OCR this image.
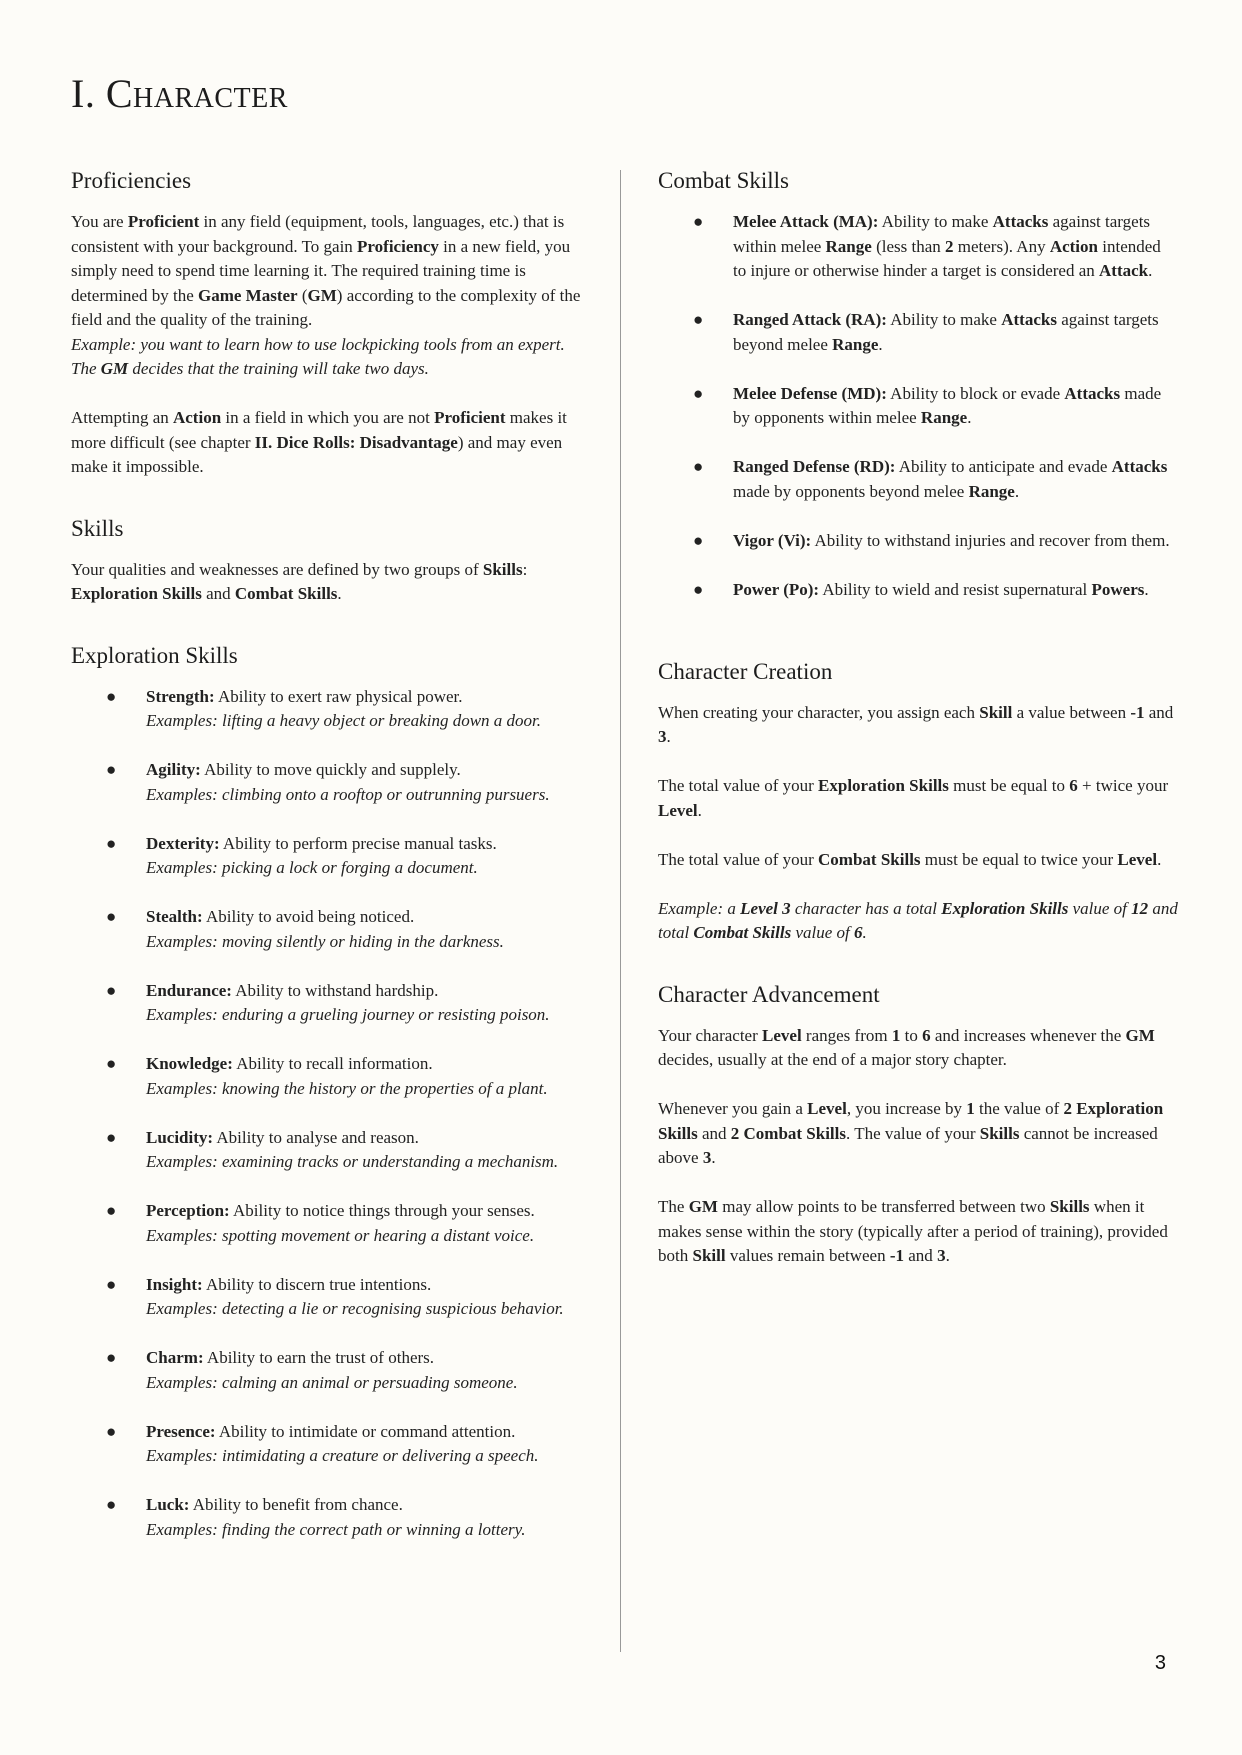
I. Character
Proficiencies

You are Proficient in any field (equipment, tools, languages, etc.) that is consistent with your background. To gain Proficiency in a new field, you simply need to spend time learning it. The required training time is determined by the Game Master (GM) according to the complexity of the field and the quality of the training.
Example: you want to learn how to use lockpicking tools from an expert. The GM decides that the training will take two days.

Attempting an Action in a field in which you are not Proficient makes it more difficult (see chapter II. Dice Rolls: Disadvantage) and may even make it impossible.

Skills

Your qualities and weaknesses are defined by two groups of Skills: Exploration Skills and Combat Skills.

Exploration Skills
● Strength: Ability to exert raw physical power.
Examples: lifting a heavy object or breaking down a door.
● Agility: Ability to move quickly and supplely.
Examples: climbing onto a rooftop or outrunning pursuers.
● Dexterity: Ability to perform precise manual tasks.
Examples: picking a lock or forging a document.
● Stealth: Ability to avoid being noticed.
Examples: moving silently or hiding in the darkness.
● Endurance: Ability to withstand hardship.
Examples: enduring a grueling journey or resisting poison.
● Knowledge: Ability to recall information.
Examples: knowing the history or the properties of a plant.
● Lucidity: Ability to analyse and reason.
Examples: examining tracks or understanding a mechanism.
● Perception: Ability to notice things through your senses.
Examples: spotting movement or hearing a distant voice.
● Insight: Ability to discern true intentions.
Examples: detecting a lie or recognising suspicious behavior.
● Charm: Ability to earn the trust of others.
Examples: calming an animal or persuading someone.
● Presence: Ability to intimidate or command attention.
Examples: intimidating a creature or delivering a speech.
● Luck: Ability to benefit from chance.
Examples: finding the correct path or winning a lottery.
Combat Skills
● Melee Attack (MA): Ability to make Attacks against targets within melee Range (less than 2 meters). Any Action intended to injure or otherwise hinder a target is considered an Attack.
● Ranged Attack (RA): Ability to make Attacks against targets beyond melee Range.
● Melee Defense (MD): Ability to block or evade Attacks made by opponents within melee Range.
● Ranged Defense (RD): Ability to anticipate and evade Attacks made by opponents beyond melee Range.
● Vigor (Vi): Ability to withstand injuries and recover from them.
● Power (Po): Ability to wield and resist supernatural Powers.
Character Creation

When creating your character, you assign each Skill a value between -1 and 3.

The total value of your Exploration Skills must be equal to 6 + twice your Level.

The total value of your Combat Skills must be equal to twice your Level.

Example: a Level 3 character has a total Exploration Skills value of 12 and total Combat Skills value of 6.

Character Advancement

Your character Level ranges from 1 to 6 and increases whenever the GM decides, usually at the end of a major story chapter.

Whenever you gain a Level, you increase by 1 the value of 2 Exploration Skills and 2 Combat Skills. The value of your Skills cannot be increased above 3.

The GM may allow points to be transferred between two Skills when it makes sense within the story (typically after a period of training), provided both Skill values remain between -1 and 3.

3
